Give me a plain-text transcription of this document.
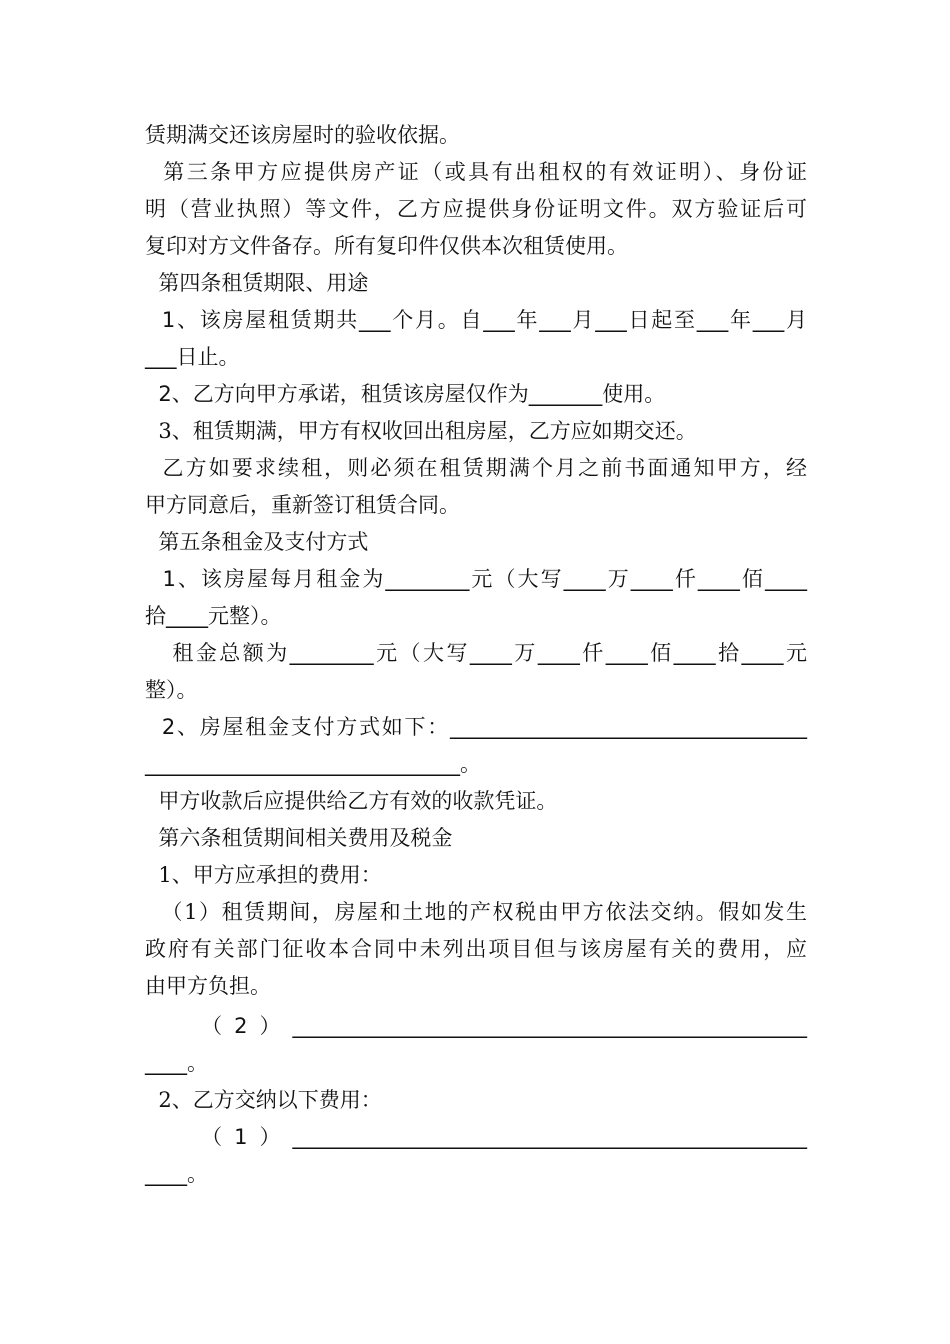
赁期满交还该房屋时的验收依据。
第三条甲方应提供房产证（或具有出租权的有效证明）、身份证
明（营业执照）等文件，乙方应提供身份证明文件。双方验证后可
复印对方文件备存。所有复印件仅供本次租赁使用。
第四条租赁期限、用途
1、该房屋租赁期共___个月。自___年___月___日起至___年___月
___日止。
2、乙方向甲方承诺，租赁该房屋仅作为_______使用。
3、租赁期满，甲方有权收回出租房屋，乙方应如期交还。
乙方如要求续租，则必须在租赁期满个月之前书面通知甲方，经
甲方同意后，重新签订租赁合同。
第五条租金及支付方式
1、该房屋每月租金为________元（大写____万____仟____佰____
拾____元整）。
租金总额为________元（大写____万____仟____佰____拾____元
整）。
2、房屋租金支付方式如下：__________________________________
______________________________。
甲方收款后应提供给乙方有效的收款凭证。
第六条租赁期间相关费用及税金
1、甲方应承担的费用：
（1）租赁期间，房屋和土地的产权税由甲方依法交纳。假如发生
政府有关部门征收本合同中未列出项目但与该房屋有关的费用，应
由甲方负担。
（2）_________________________________________________
____。
2、乙方交纳以下费用：
（1）_________________________________________________
____。
